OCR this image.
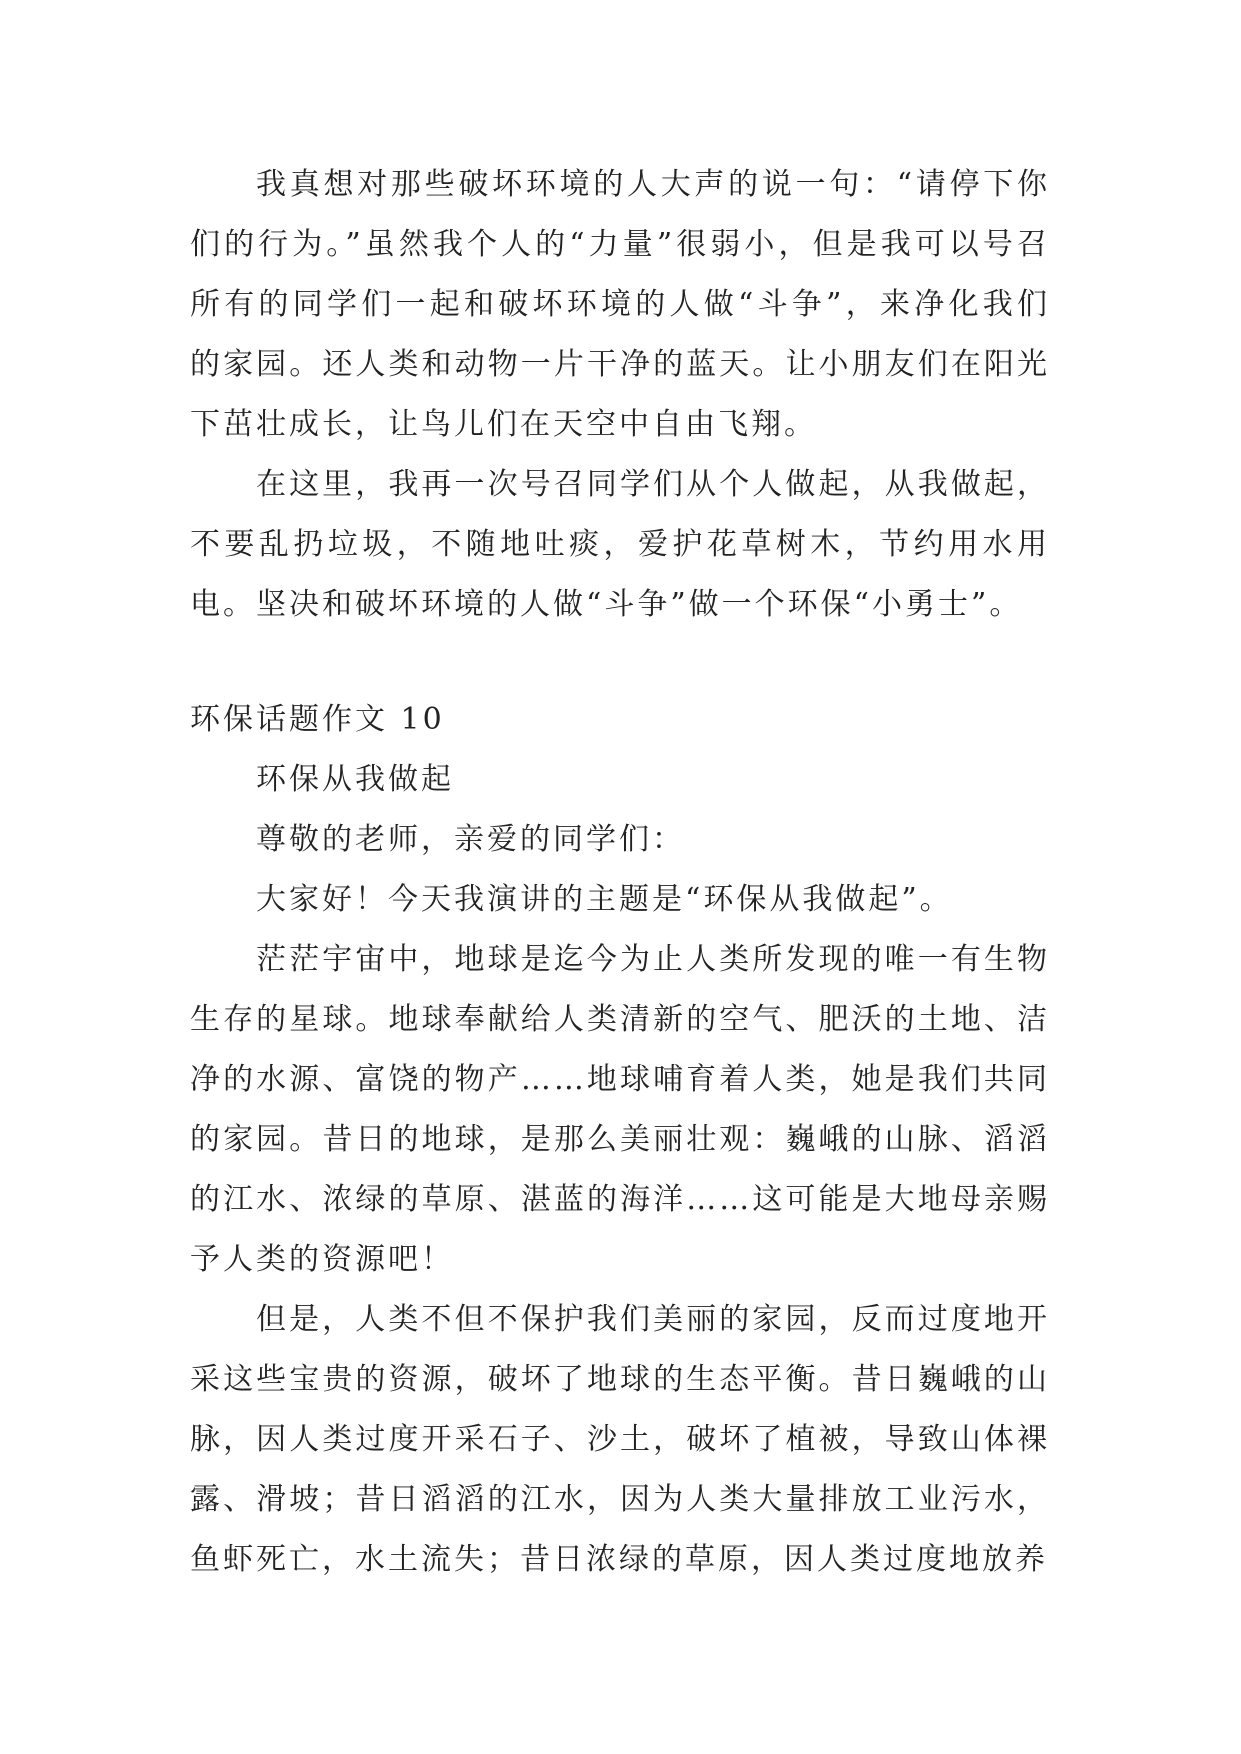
我真想对那些破坏环境的人大声的说一句：“请停下你们的行为。”虽然我个人的“力量”很弱小，但是我可以号召所有的同学们一起和破坏环境的人做“斗争”，来净化我们的家园。还人类和动物一片干净的蓝天。让小朋友们在阳光下茁壮成长，让鸟儿们在天空中自由飞翔。

在这里，我再一次号召同学们从个人做起，从我做起，不要乱扔垃圾，不随地吐痰，爱护花草树木，节约用水用电。坚决和破坏环境的人做“斗争”做一个环保“小勇士”。

环保话题作文 10

环保从我做起

尊敬的老师，亲爱的同学们：

大家好！今天我演讲的主题是“环保从我做起”。

茫茫宇宙中，地球是迄今为止人类所发现的唯一有生物生存的星球。地球奉献给人类清新的空气、肥沃的土地、洁净的水源、富饶的物产……地球哺育着人类，她是我们共同的家园。昔日的地球，是那么美丽壮观：巍峨的山脉、滔滔的江水、浓绿的草原、湛蓝的海洋……这可能是大地母亲赐予人类的资源吧！

但是，人类不但不保护我们美丽的家园，反而过度地开采这些宝贵的资源，破坏了地球的生态平衡。昔日巍峨的山脉，因人类过度开采石子、沙土，破坏了植被，导致山体裸露、滑坡；昔日滔滔的江水，因为人类大量排放工业污水，鱼虾死亡，水土流失；昔日浓绿的草原，因人类过度地放养
